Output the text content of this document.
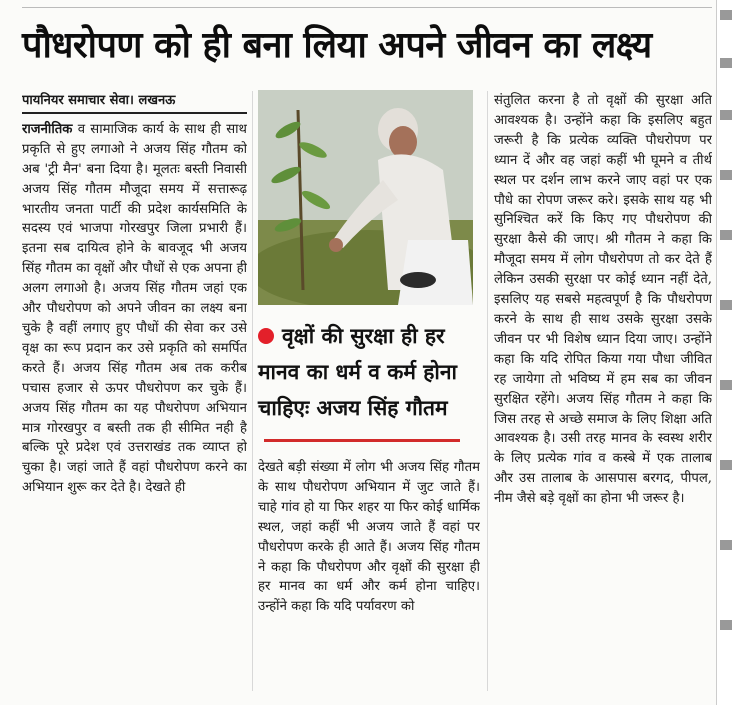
पौधरोपण को ही बना लिया अपने जीवन का लक्ष्य
पायनियर समाचार सेवा। लखनऊ
राजनीतिक व सामाजिक कार्य के साथ ही साथ प्रकृति से हुए लगाओ ने अजय सिंह गौतम को अब 'ट्री मैन' बना दिया है। मूलतः बस्ती निवासी अजय सिंह गौतम मौजूदा समय में सत्तारूढ़ भारतीय जनता पार्टी की प्रदेश कार्यसमिति के सदस्य एवं भाजपा गोरखपुर जिला प्रभारी हैं। इतना सब दायित्व होने के बावजूद भी अजय सिंह गौतम का वृक्षों और पौधों से एक अपना ही अलग लगाओ है। अजय सिंह गौतम जहां एक और पौधरोपण को अपने जीवन का लक्ष्य बना चुके है वहीं लगाए हुए पौधों की सेवा कर उसे वृक्ष का रूप प्रदान कर उसे प्रकृति को समर्पित करते हैं। अजय सिंह गौतम अब तक करीब पचास हजार से ऊपर पौधरोपण कर चुके हैं। अजय सिंह गौतम का यह पौधरोपण अभियान मात्र गोरखपुर व बस्ती तक ही सीमित नही है बल्कि पूरे प्रदेश एवं उत्तराखंड तक व्याप्त हो चुका है। जहां जाते हैं वहां पौधरोपण करने का अभियान शुरू कर देते है। देखते ही
वृक्षों की सुरक्षा ही हर
मानव का धर्म व कर्म होना
चाहिएः अजय सिंह गौतम
देखते बड़ी संख्या में लोग भी अजय सिंह गौतम के साथ पौधरोपण अभियान में जुट जाते हैं। चाहे गांव हो या फिर शहर या फिर कोई धार्मिक स्थल, जहां कहीं भी अजय जाते हैं वहां पर पौधरोपण करके ही आते हैं। अजय सिंह गौतम ने कहा कि पौधरोपण और वृक्षों की सुरक्षा ही हर मानव का धर्म और कर्म होना चाहिए। उन्होंने कहा कि यदि पर्यावरण को
संतुलित करना है तो वृक्षों की सुरक्षा अति आवश्यक है। उन्होंने कहा कि इसलिए बहुत जरूरी है कि प्रत्येक व्यक्ति पौधरोपण पर ध्यान दें और वह जहां कहीं भी घूमने व तीर्थ स्थल पर दर्शन लाभ करने जाए वहां पर एक पौधे का रोपण जरूर करे। इसके साथ यह भी सुनिश्चित करें कि किए गए पौधरोपण की सुरक्षा कैसे की जाए। श्री गौतम ने कहा कि मौजूदा समय में लोग पौधरोपण तो कर देते हैं लेकिन उसकी सुरक्षा पर कोई ध्यान नहीं देते, इसलिए यह सबसे महत्वपूर्ण है कि पौधरोपण करने के साथ ही साथ उसके सुरक्षा उसके जीवन पर भी विशेष ध्यान दिया जाए। उन्होंने कहा कि यदि रोपित किया गया पौधा जीवित रह जायेगा तो भविष्य में हम सब का जीवन सुरक्षित रहेंगे। अजय सिंह गौतम ने कहा कि जिस तरह से अच्छे समाज के लिए शिक्षा अति आवश्यक है। उसी तरह मानव के स्वस्थ शरीर के लिए प्रत्येक गांव व कस्बे में एक तालाब और उस तालाब के आसपास बरगद, पीपल, नीम जैसे बड़े वृक्षों का होना भी जरूर है।
